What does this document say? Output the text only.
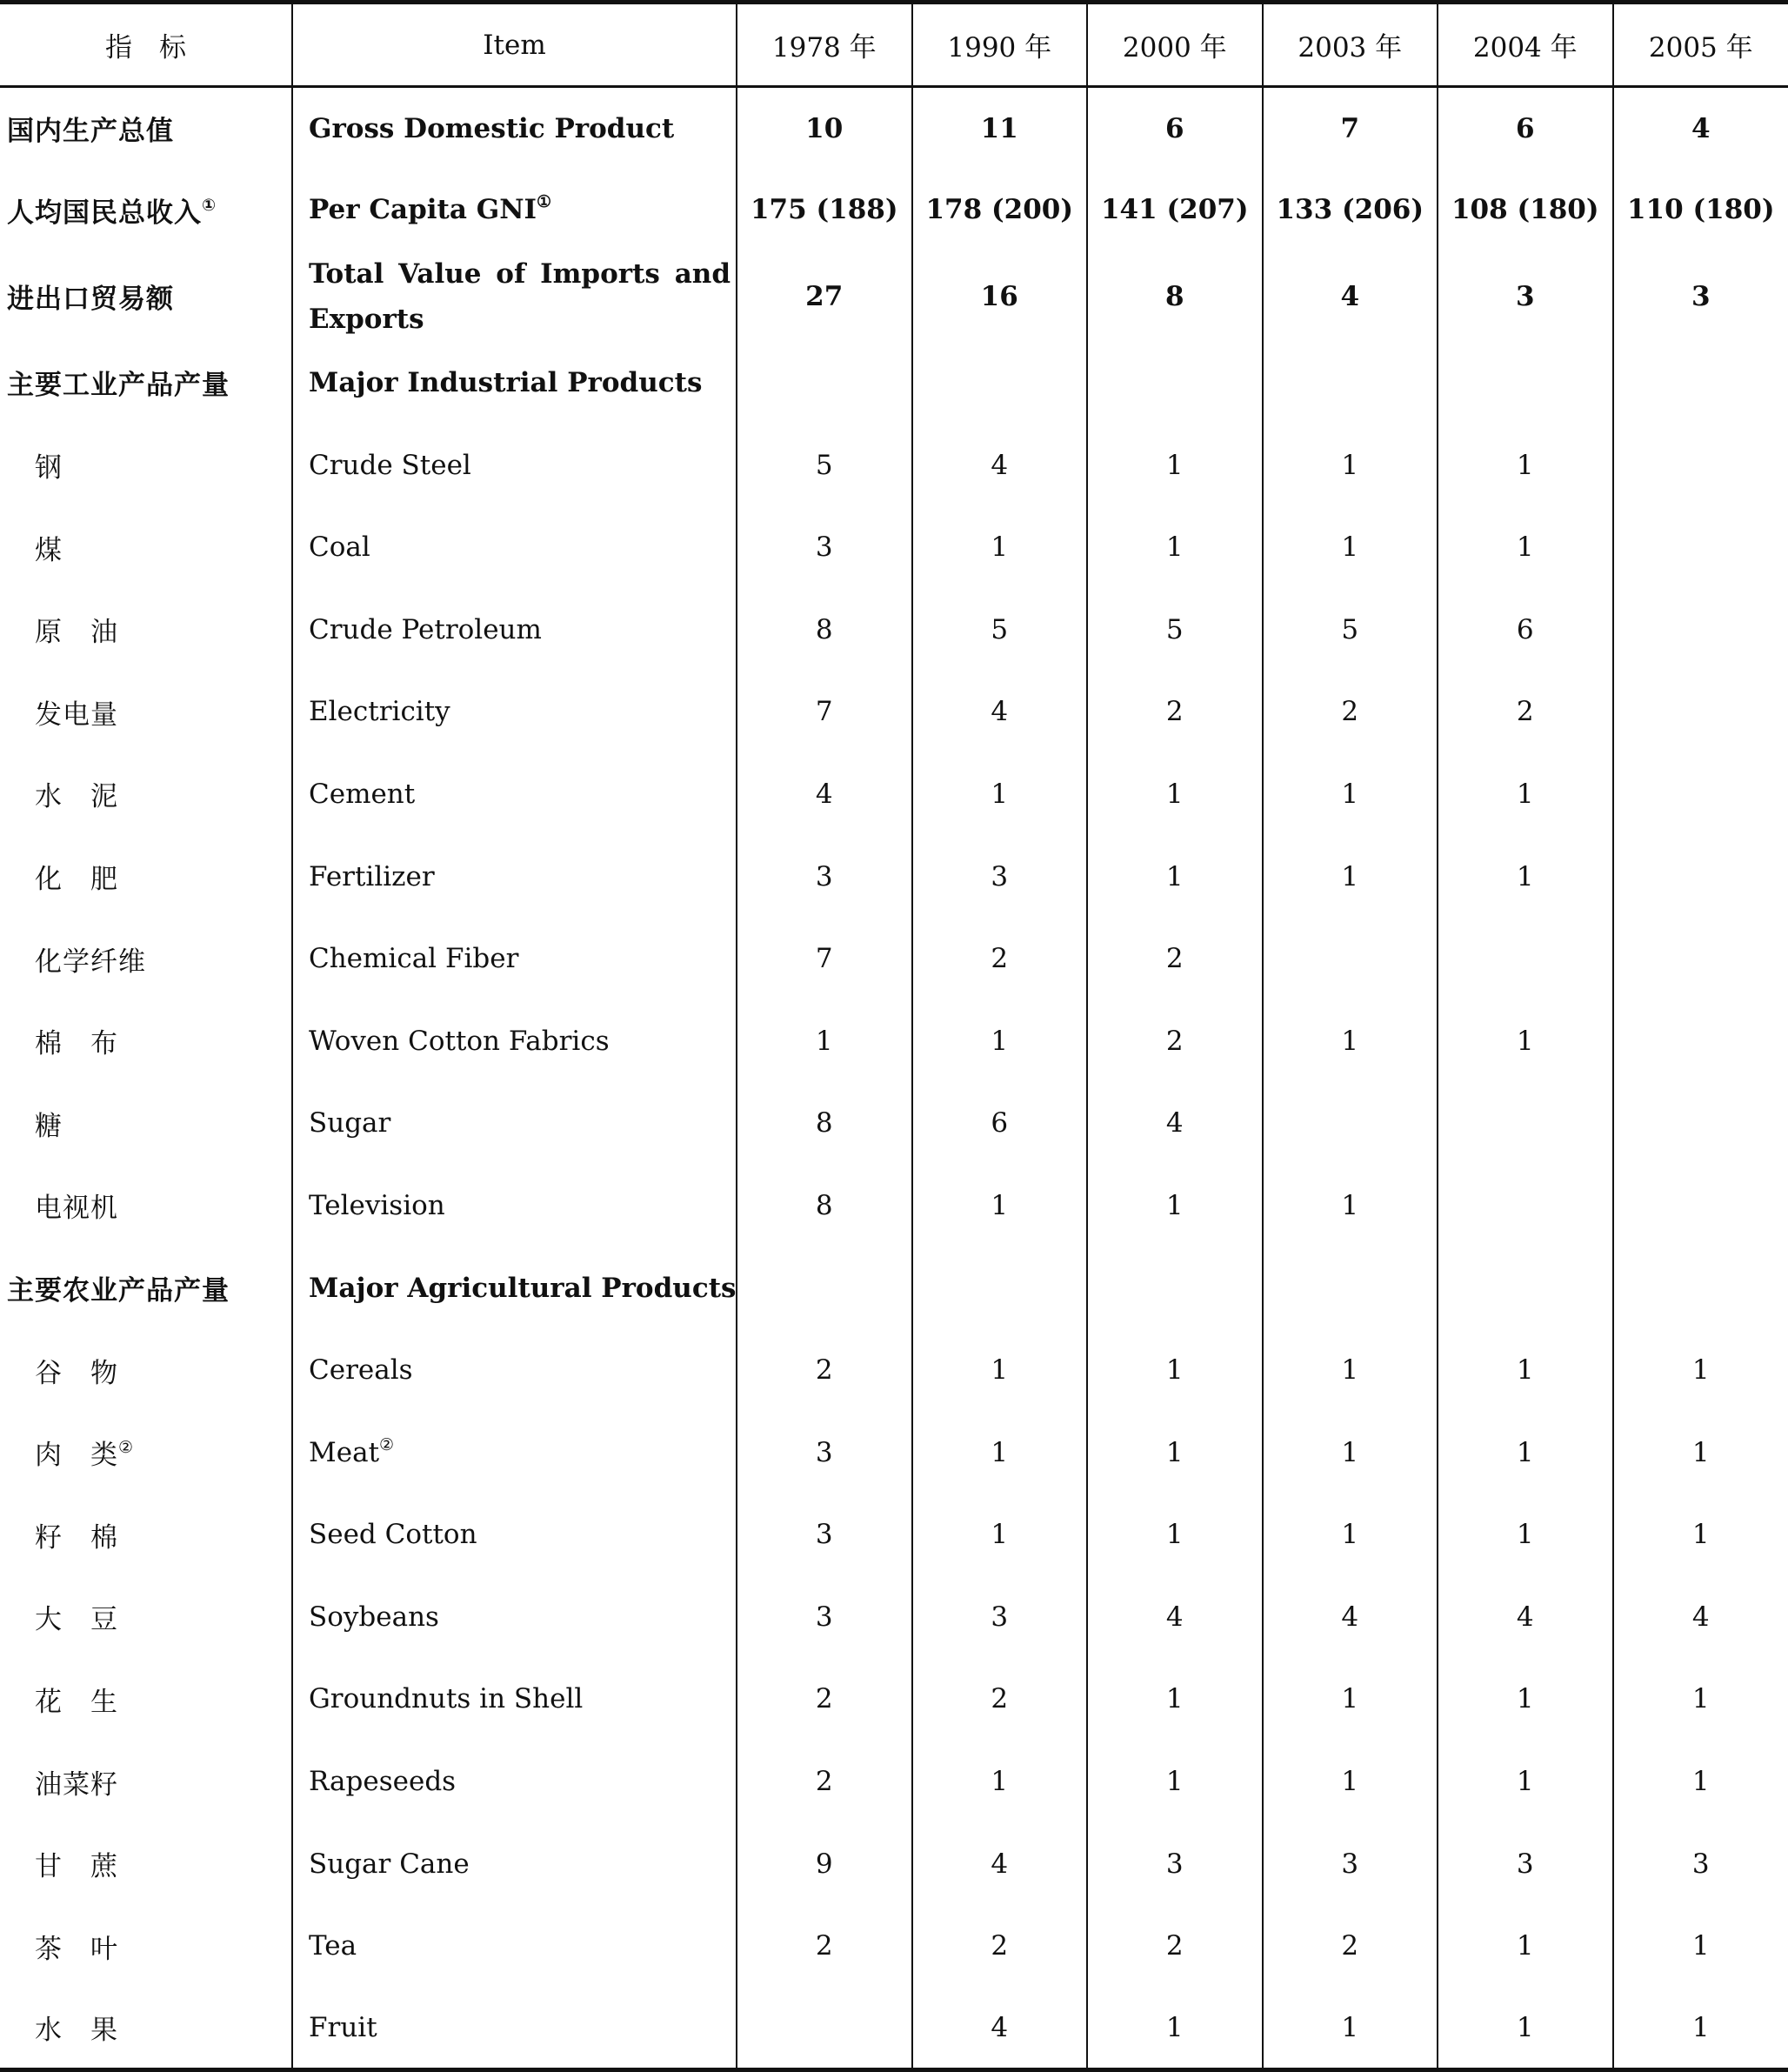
指　标	Item	1978 年	1990 年	2000 年	2003 年	2004 年	2005 年
国内生产总值	Gross Domestic Product	10	11	6	7	6	4
人均国民总收入①	Per Capita GNI①	175 (188)	178 (200)	141 (207)	133 (206)	108 (180)	110 (180)
进出口贸易额	Total Value of Imports and Exports	27	16	8	4	3	3
主要工业产品产量	Major Industrial Products						
钢	Crude Steel	5	4	1	1	1	
煤	Coal	3	1	1	1	1	
原　油	Crude Petroleum	8	5	5	5	6	
发电量	Electricity	7	4	2	2	2	
水　泥	Cement	4	1	1	1	1	
化　肥	Fertilizer	3	3	1	1	1	
化学纤维	Chemical Fiber	7	2	2			
棉　布	Woven Cotton Fabrics	1	1	2	1	1	
糖	Sugar	8	6	4			
电视机	Television	8	1	1	1		
主要农业产品产量	Major Agricultural Products						
谷　物	Cereals	2	1	1	1	1	1
肉　类②	Meat②	3	1	1	1	1	1
籽　棉	Seed Cotton	3	1	1	1	1	1
大　豆	Soybeans	3	3	4	4	4	4
花　生	Groundnuts in Shell	2	2	1	1	1	1
油菜籽	Rapeseeds	2	1	1	1	1	1
甘　蔗	Sugar Cane	9	4	3	3	3	3
茶　叶	Tea	2	2	2	2	1	1
水　果	Fruit		4	1	1	1	1
